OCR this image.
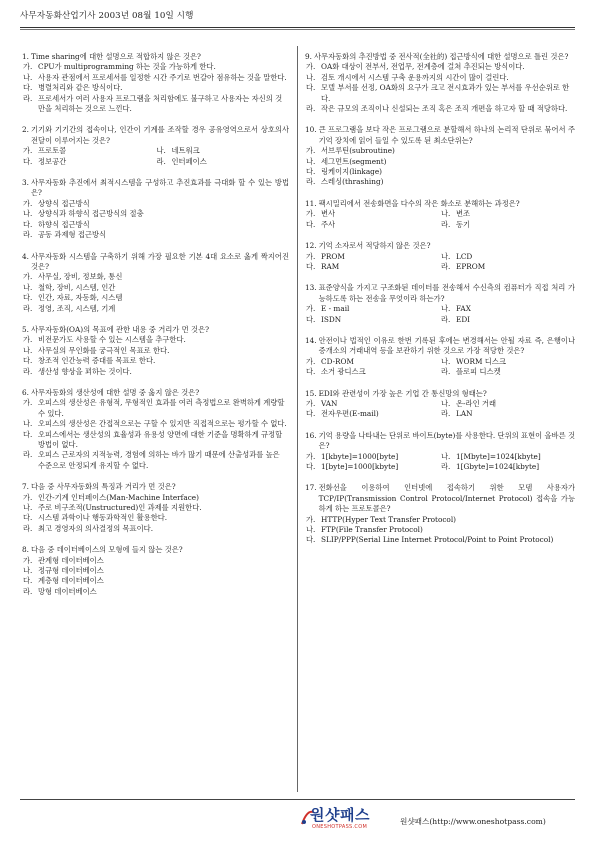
사무자동화산업기사 2003년 08월 10일 시행
1. Time sharing에 대한 설명으로 적합하지 않은 것은?
가. CPU가 multiprogramming 하는 것을 가능하게 한다.
나. 사용자 관점에서 프로세서를 일정한 시간 주기로 번갈아 점유하는 것을 말한다.
다. 병렬처리와 같은 방식이다.
라. 프로세서가 여러 사용자 프로그램을 처리함에도 불구하고 사용자는 자신의 것만을 처리하는 것으로 느낀다.
2. 기기와 기기간의 접속이나, 인간이 기계를 조작할 경우 공유영역으로서 상호의사 전달이 이루어지는 것은?
가. 프로토콜	나. 네트워크
다. 정보공간	라. 인터페이스
3. 사무자동화 추진에서 최적시스템을 구성하고 추진효과를 극대화 할 수 있는 방법은?
가. 상향식 접근방식
나. 상향식과 하향식 접근방식의 절충
다. 하향식 접근방식
라. 공동 과제형 접근방식
4. 사무자동화 시스템을 구축하기 위해 가장 필요한 기본 4대 요소로 옳게 짝지어진 것은?
가. 사무실, 장비, 정보화, 통신
나. 철학, 장비, 시스템, 인간
다. 인간, 자료, 자동화, 시스템
라. 정영, 조직, 시스템, 기계
5. 사무자동화(OA)의 목표에 관한 내용 중 거리가 먼 것은?
가. 비전문가도 사용할 수 있는 시스템을 추구한다.
나. 사무실의 무인화를 궁극적인 목표로 한다.
다. 창조적 인간능력 증대를 목표로 한다.
라. 생산성 향상을 꾀하는 것이다.
6. 사무자동화의 생산성에 대한 설명 중 옳지 않은 것은?
가. 오피스의 생산성은 유형적, 무형적인 효과를 여러 측정법으로 완벽하게 계량할 수 있다.
나. 오피스의 생산성은 간접적으로는 구할 수 있지만 직접적으로는 평가할 수 없다.
다. 오피스에서는 생산성의 효율성과 유용성 양면에 대한 기준을 명확하게 규정할 방법이 없다.
라. 오피스 근로자의 지적능력, 경험에 의하는 바가 많기 때문에 산출성과를 높은 수준으로 안정되게 유지할 수 없다.
7. 다음 중 사무자동화의 특징과 거리가 먼 것은?
가. 인간-기계 인터페이스(Man-Machine Interface)
나. 주로 비구조적(Unstructured)인 과제를 지원한다.
다. 시스템 과학이나 행동과학적인 활용한다.
라. 최고 경영자의 의사결정의 목표이다.
8. 다음 중 데이터베이스의 모형에 들지 않는 것은?
가. 관계형 데이터베이스
나. 정규형 데이터베이스
다. 계층형 데이터베이스
라. 망형 데이터베이스
9. 사무자동화의 추진방법 중 전사적(全社的) 접근방식에 대한 설명으로 틀린 것은?
가. OA화 대상이 전부서, 전업무, 전계층에 걸쳐 추진되는 방식이다.
나. 검토 개시에서 시스템 구축 운용까지의 시간이 많이 걸린다.
다. 모델 부서를 선정, OA화의 요구가 크고 전시효과가 있는 부서를 우선순위로 한다.
라. 작은 규모의 조직이나 신설되는 조직 혹은 조직 개편을 하고자 할 때 적당하다.
10. 큰 프로그램을 보다 작은 프로그램으로 분할해서 하나의 논리적 단위로 묶어서 주기억 장치에 읽어 들일 수 있도록 된 최소단위는?
가. 서브루틴(subroutine)
나. 세그먼트(segment)
다. 링케이지(linkage)
라. 스레싱(thrashing)
11. 팩시밀리에서 전송화면을 다수의 작은 화소로 분해하는 과정은?
가. 변사	나. 변조
다. 주사	라. 동기
12. 기억 소자로서 적당하지 않은 것은?
가. PROM	나. LCD
다. RAM	라. EPROM
13. 표준양식을 가지고 구조화된 데이터를 전송해서 수신측의 컴퓨터가 직접 처리 가능하도록 하는 전송을 무엇이라 하는가?
가. E - mail	나. FAX
다. ISDN	라. EDI
14. 안전이나 법적인 이유로 한번 기록된 후에는 변경해서는 안될 자료 즉, 은행이나 증개소의 거래내역 등을 보관하기 위한 것으로 가장 적당한 것은?
가. CD-ROM	나. WORM 디스크
다. 소거 광디스크	라. 플로피 디스켓
15. EDI와 관련성이 가장 높은 기업 간 통신망의 형태는?
가. VAN	나. 온-라인 거래
다. 전자우편(E-mail)	라. LAN
16. 기억 용량을 나타내는 단위로 바이트(byte)를 사용한다. 단위의 표현이 올바른 것은?
가. 1[kbyte]=1000[byte]	나. 1[Mbyte]=1024[kbyte]
다. 1[byte]=1000[kbyte]	라. 1[Gbyte]=1024[kbyte]
17. 전화선을 이용하여 인터넷에 접속하기 위한 모뎀 사용자가 TCP/IP(Transmission Control Protocol/Internet Protocol) 접속을 가능하게 하는 프로토콜은?
가. HTTP(Hyper Text Transfer Protocol)
나. FTP(File Transfer Protocol)
다. SLIP/PPP(Serial Line Internet Protocol/Point to Point Protocol)
원샷패스
ONESHOTPASS.COM
원샷패스(http://www.oneshotpass.com)
